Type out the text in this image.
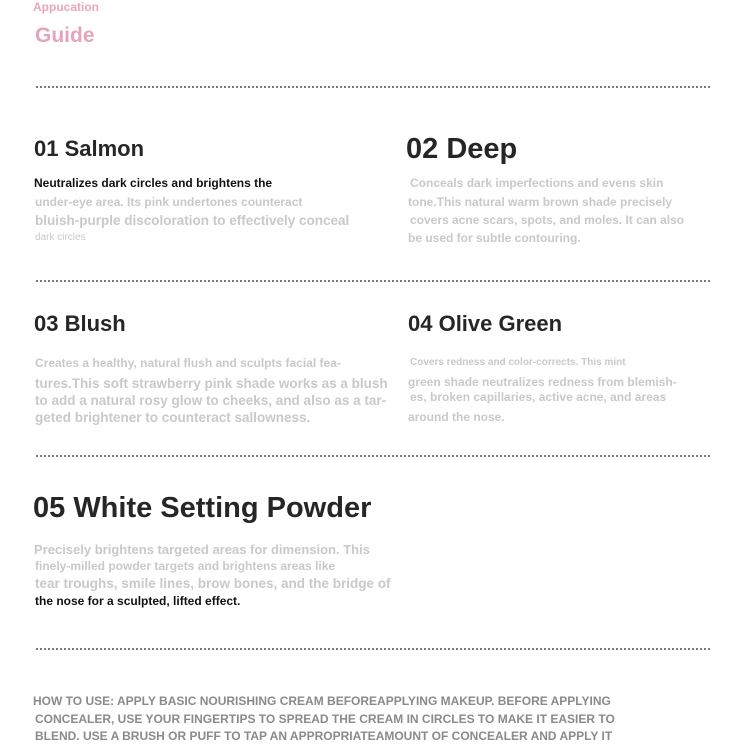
Appucation
Guide
01 Salmon
Neutralizes dark circles and brightens the
under-eye area. Its pink undertones counteract
bluish-purple discoloration to effectively conceal
dark circles
02 Deep
Conceals dark imperfections and evens skin
tone.This natural warm brown shade precisely
covers acne scars, spots, and moles. It can also
be used for subtle contouring.
03 Blush
Creates a healthy, natural flush and sculpts facial fea-
tures.This soft strawberry pink shade works as a blush
to add a natural rosy glow to cheeks, and also as a tar-
geted brightener to counteract sallowness.
04 Olive Green
Covers redness and color-corrects. This mint
green shade neutralizes redness from blemish-
es, broken capillaries, active acne, and areas
around the nose.
05 White Setting Powder
Precisely brightens targeted areas for dimension. This
finely-milled powder targets and brightens areas like
tear troughs, smile lines, brow bones, and the bridge of
the nose for a sculpted, lifted effect.
HOW TO USE: APPLY BASIC NOURISHING CREAM BEFOREAPPLYING MAKEUP. BEFORE APPLYING
CONCEALER, USE YOUR FINGERTIPS TO SPREAD THE CREAM IN CIRCLES TO MAKE IT EASIER TO
BLEND. USE A BRUSH OR PUFF TO TAP AN APPROPRIATEAMOUNT OF CONCEALER AND APPLY IT
